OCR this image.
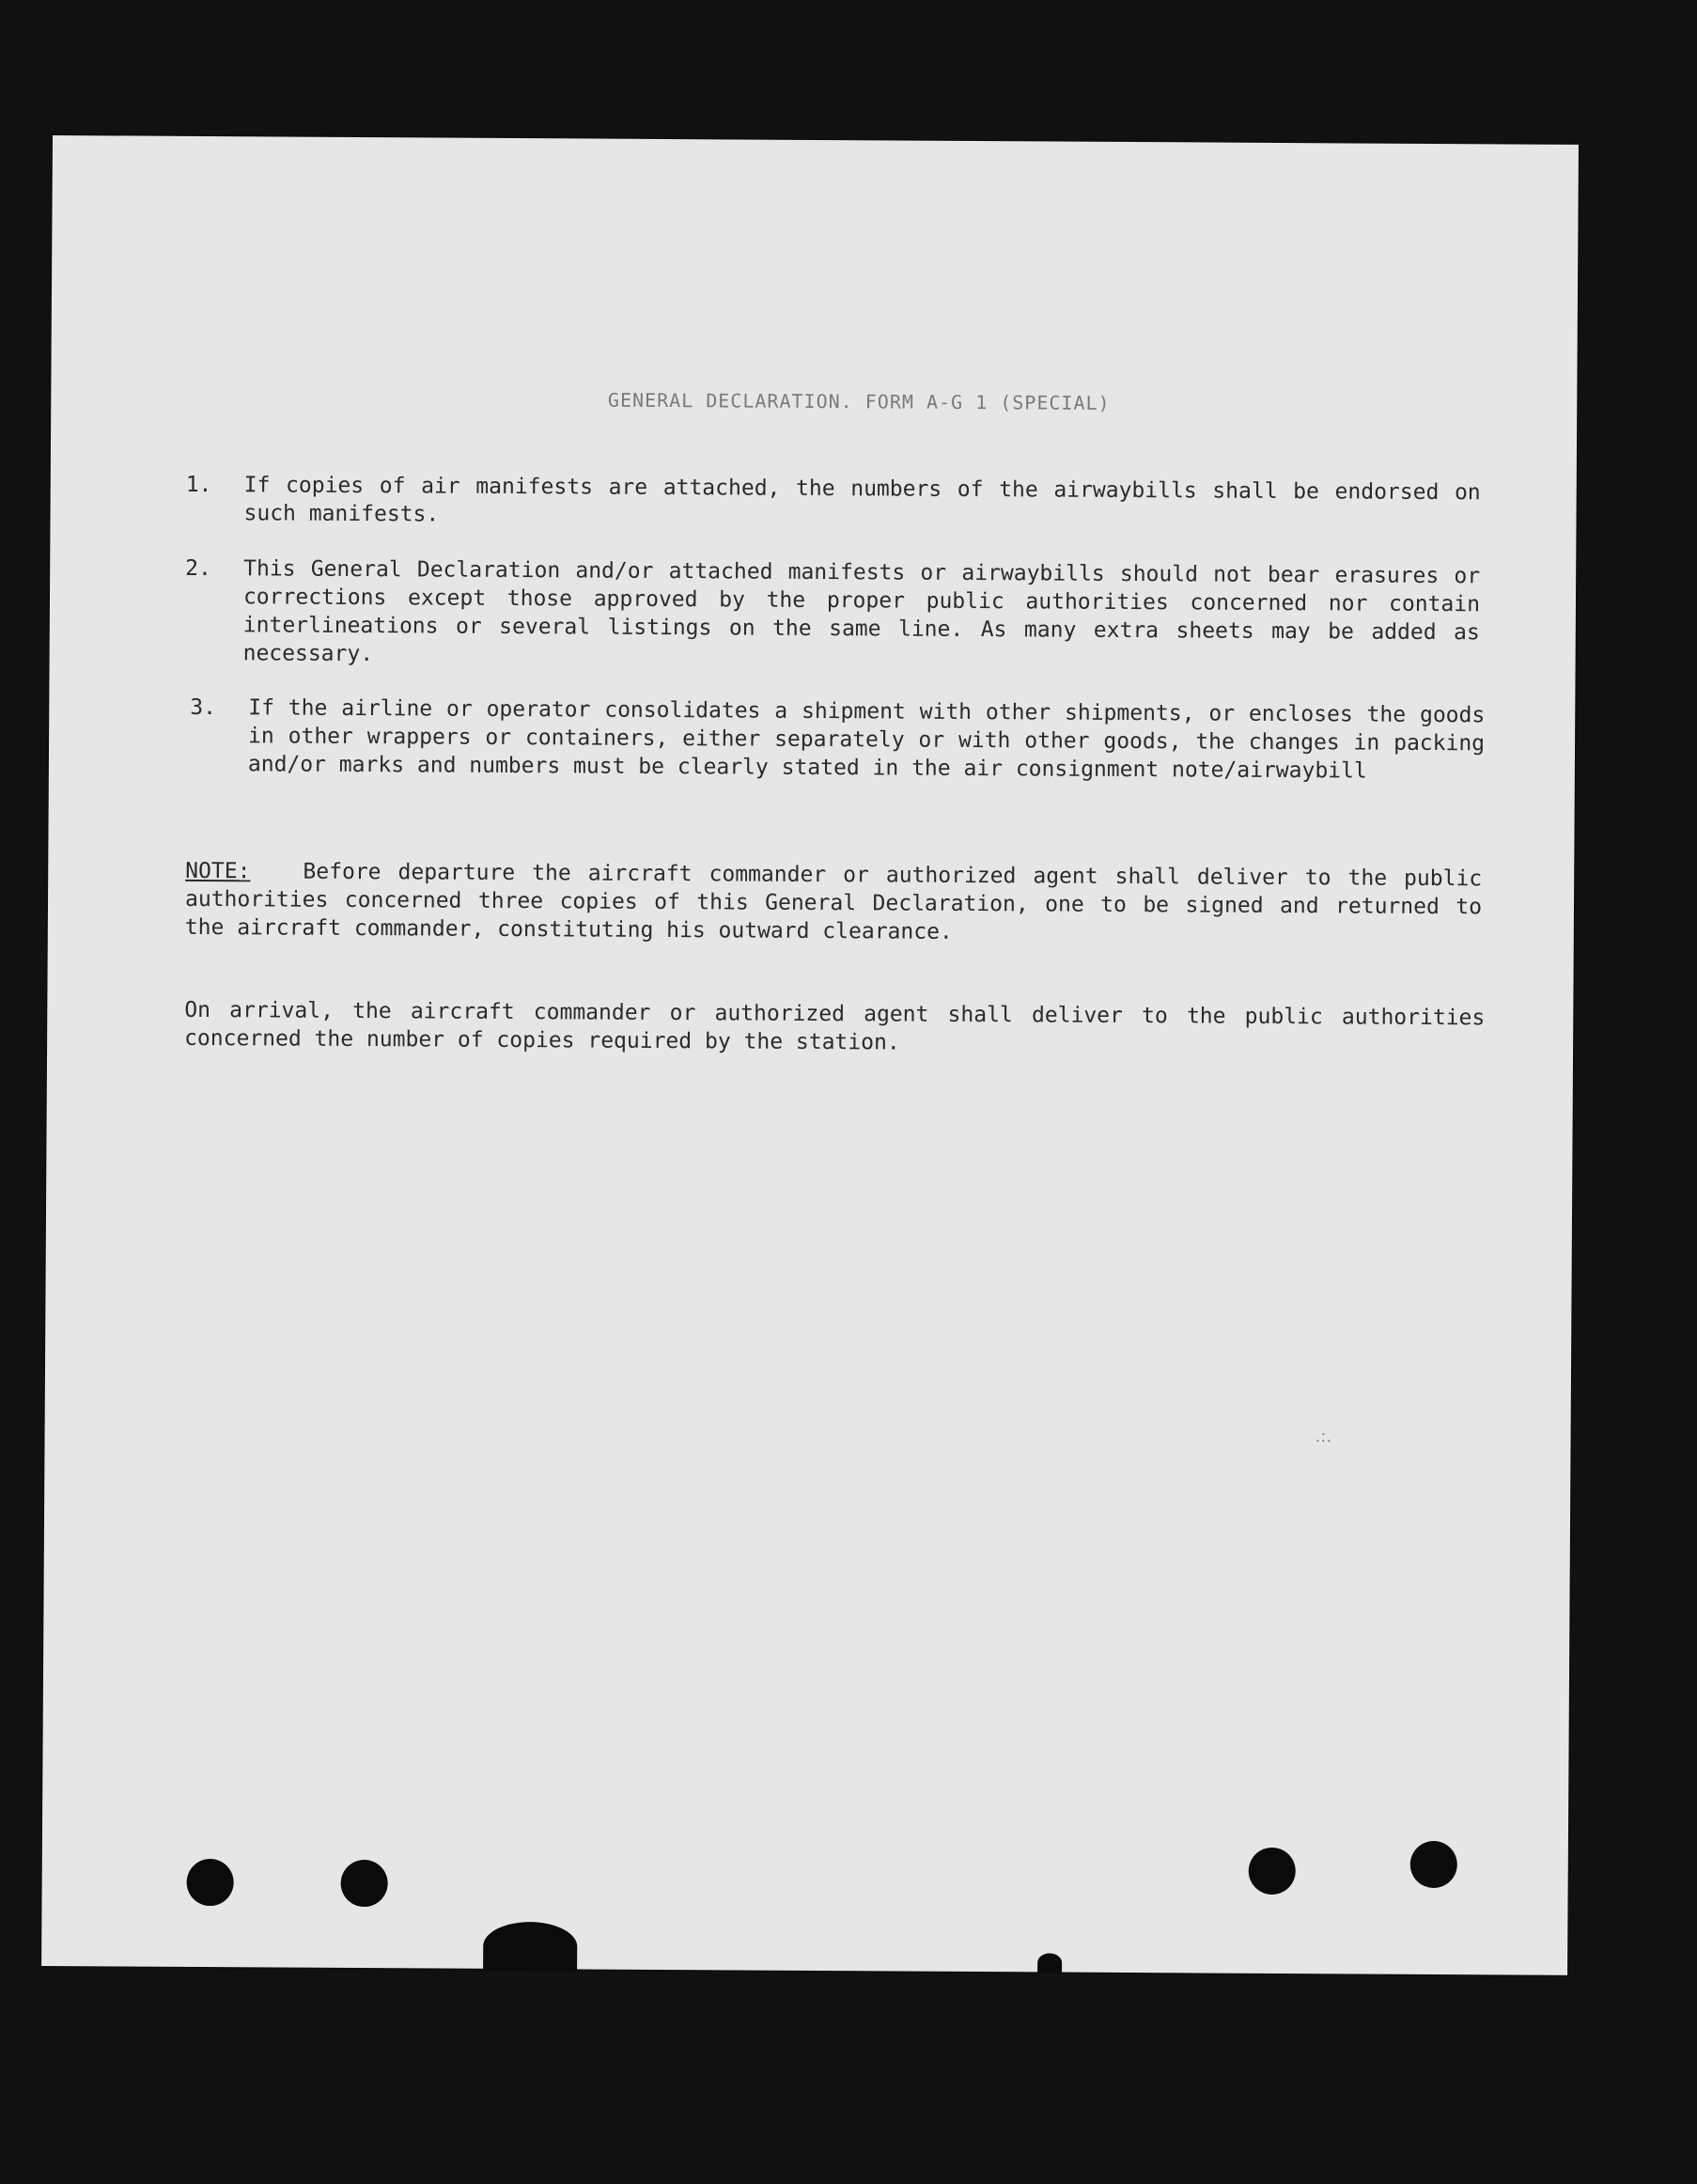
GENERAL DECLARATION. FORM A-G 1 (SPECIAL)
1. If copies of air manifests are attached, the numbers of the airwaybills shall be endorsed on such manifests.
2. This General Declaration and/or attached manifests or airwaybills should not bear erasures or corrections except those approved by the proper public authorities concerned nor contain interlineations or several listings on the same line. As many extra sheets may be added as necessary.
3. If the airline or operator consolidates a shipment with other shipments, or encloses the goods in other wrappers or containers, either separately or with other goods, the changes in packing and/or marks and numbers must be clearly stated in the air consignment note/airwaybill
NOTE: Before departure the aircraft commander or authorized agent shall deliver to the public authorities concerned three copies of this General Declaration, one to be signed and returned to the aircraft commander, constituting his outward clearance.
On arrival, the aircraft commander or authorized agent shall deliver to the public authorities concerned the number of copies required by the station.
.:.
